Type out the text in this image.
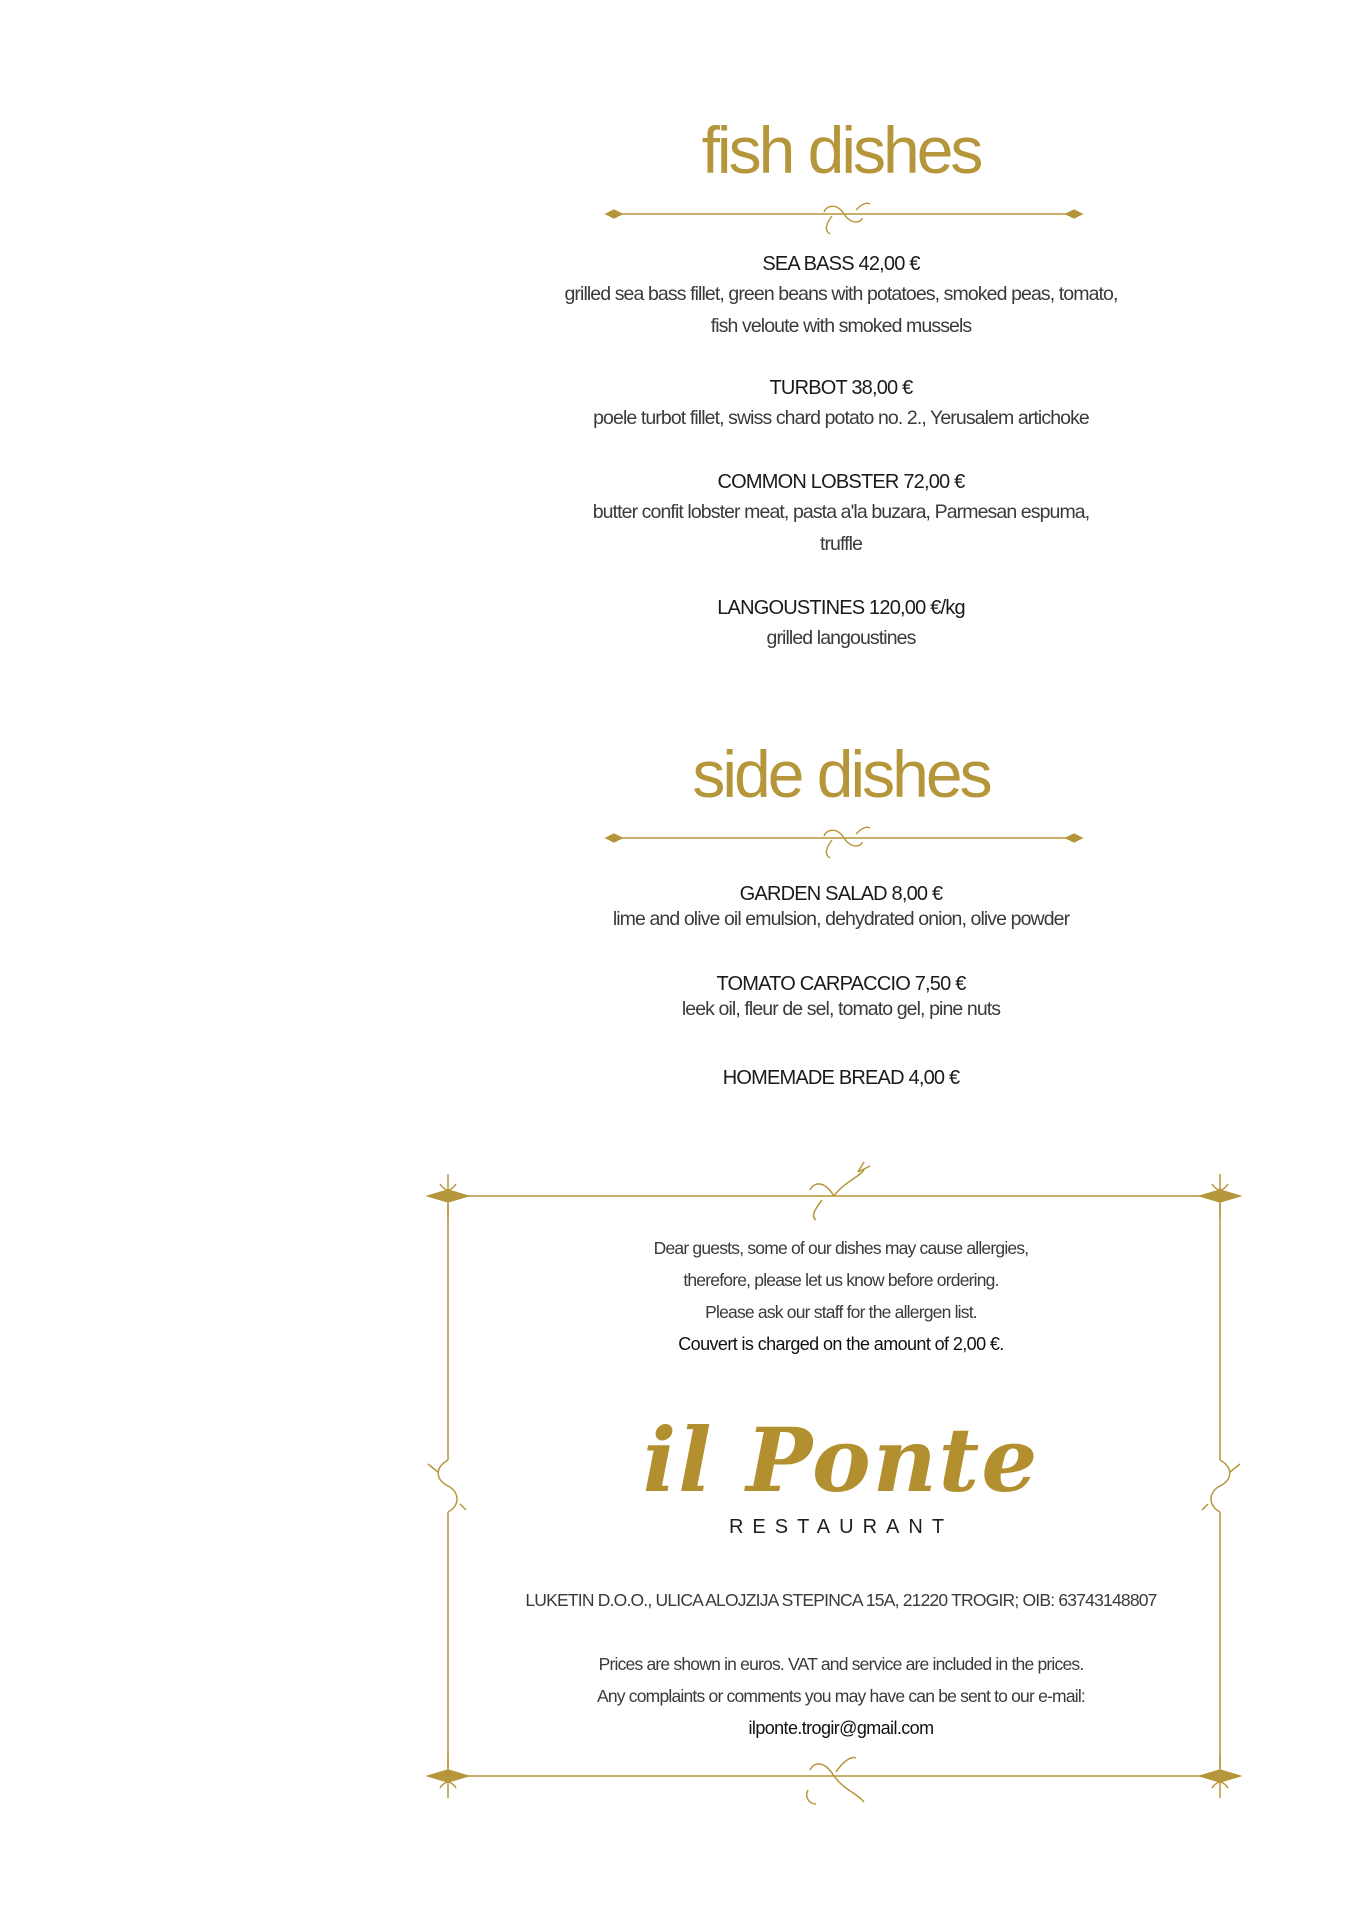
fish dishes
SEA BASS 42,00 €
grilled sea bass fillet, green beans with potatoes, smoked peas, tomato,
fish veloute with smoked mussels
TURBOT 38,00 €
poele turbot fillet, swiss chard potato no. 2., Yerusalem artichoke
COMMON LOBSTER 72,00 €
butter confit lobster meat, pasta a'la buzara, Parmesan espuma,
truffle
LANGOUSTINES 120,00 €/kg
grilled langoustines
side dishes
GARDEN SALAD 8,00 €
lime and olive oil emulsion, dehydrated onion, olive powder
TOMATO CARPACCIO 7,50 €
leek oil, fleur de sel, tomato gel, pine nuts
HOMEMADE BREAD 4,00 €
Dear guests, some of our dishes may cause allergies,
therefore, please let us know before ordering.
Please ask our staff for the allergen list.
Couvert is charged on the amount of 2,00 €.
il Ponte
RESTAURANT
LUKETIN D.O.O., ULICA ALOJZIJA STEPINCA 15A, 21220 TROGIR; OIB: 63743148807
Prices are shown in euros. VAT and service are included in the prices.
Any complaints or comments you may have can be sent to our e-mail:
ilponte.trogir@gmail.com
